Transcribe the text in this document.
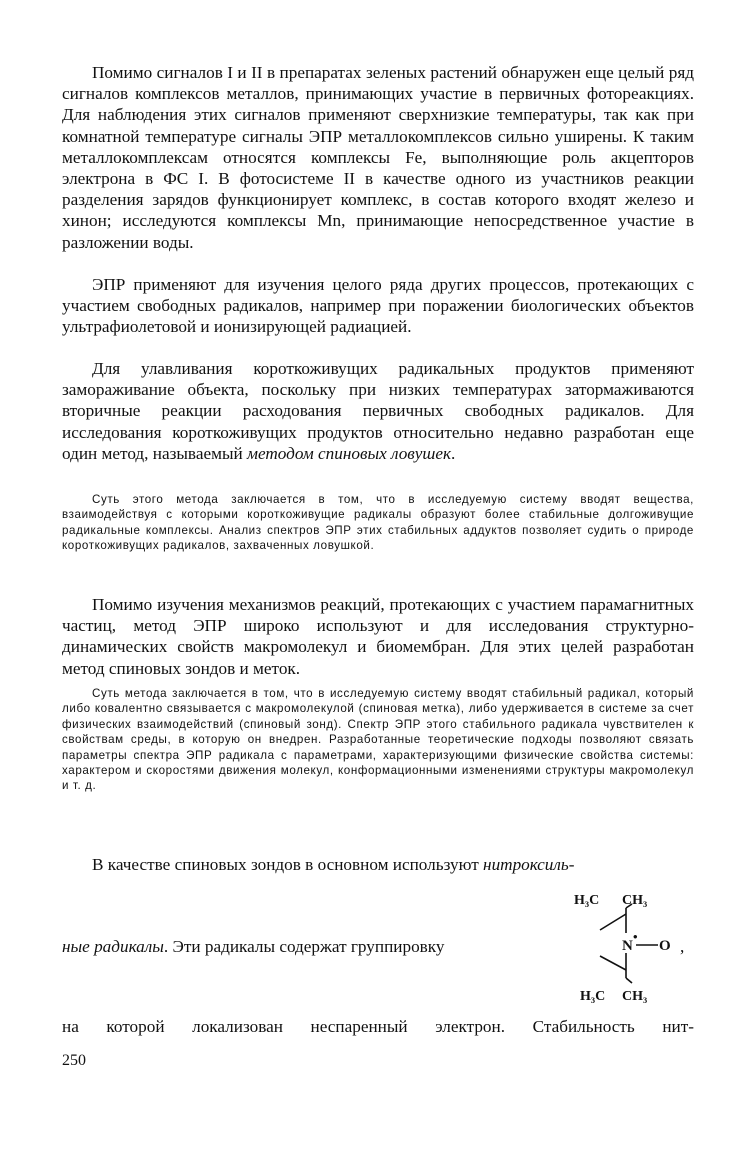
Помимо сигналов I и II в препаратах зеленых растений обнаружен еще целый ряд сигналов комплексов металлов, принимающих участие в первичных фотореакциях. Для наблюдения этих сигналов применяют сверхнизкие температуры, так как при комнатной температуре сигналы ЭПР металлокомплексов сильно уширены. К таким металлокомплексам относятся комплексы Fe, выполняющие роль акцепторов электрона в ФС I. В фотосистеме II в качестве одного из участников реакции разделения зарядов функционирует комплекс, в состав которого входят железо и хинон; исследуются комплексы Mn, принимающие непосредственное участие в разложении воды.

ЭПР применяют для изучения целого ряда других процессов, протекающих с участием свободных радикалов, например при поражении биологических объектов ультрафиолетовой и ионизирующей радиацией.

Для улавливания короткоживущих радикальных продуктов применяют замораживание объекта, поскольку при низких температурах затормаживаются вторичные реакции расходования первичных свободных радикалов. Для исследования короткоживущих продуктов относительно недавно разработан еще один метод, называемый методом спиновых ловушек.

Суть этого метода заключается в том, что в исследуемую систему вводят вещества, взаимодействуя с которыми короткоживущие радикалы образуют более стабильные долгоживущие радикальные комплексы. Анализ спектров ЭПР этих стабильных аддуктов позволяет судить о природе короткоживущих радикалов, захваченных ловушкой.

Помимо изучения механизмов реакций, протекающих с участием парамагнитных частиц, метод ЭПР широко используют и для исследования структурно-динамических свойств макромолекул и биомембран. Для этих целей разработан метод спиновых зондов и меток.

Суть метода заключается в том, что в исследуемую систему вводят стабильный радикал, который либо ковалентно связывается с макромолекулой (спиновая метка), либо удерживается в системе за счет физических взаимодействий (спиновый зонд). Спектр ЭПР этого стабильного радикала чувствителен к свойствам среды, в которую он внедрен. Разработанные теоретические подходы позволяют связать параметры спектра ЭПР радикала с параметрами, характеризующими физические свойства системы: характером и скоростями движения молекул, конформационными изменениями структуры макромолекул и т. д.

В качестве спиновых зондов в основном используют нитроксиль-

ные радикалы. Эти радикалы содержат группировку
H₃C CH₃
N
•
O
H₃C CH₃
,
на которой локализован неспаренный электрон. Стабильность нит-
250
